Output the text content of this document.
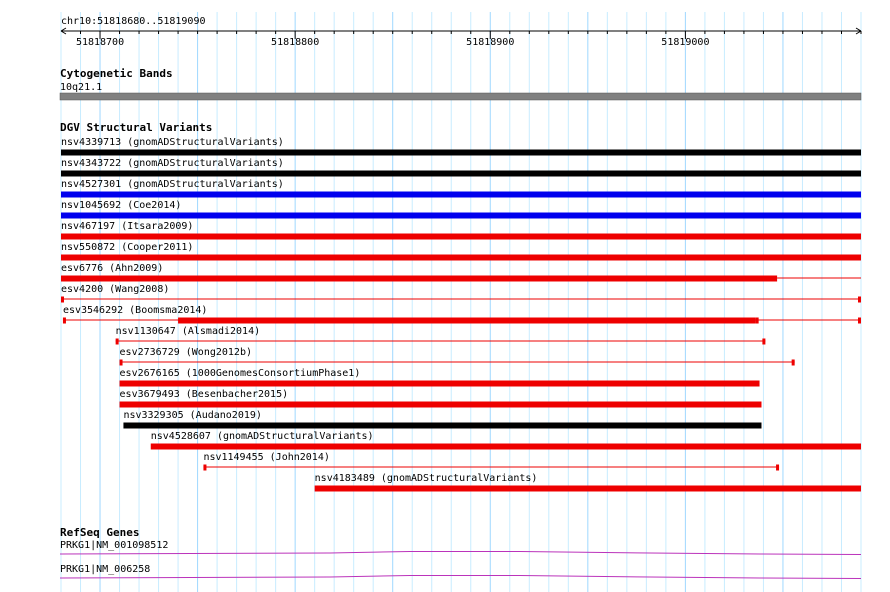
chr10:51818680..51819090
51818700	51818800	51818900	51819000
Cytogenetic Bands
10q21.1
DGV Structural Variants
nsv4339713 (gnomADStructuralVariants)
nsv4343722 (gnomADStructuralVariants)
nsv4527301 (gnomADStructuralVariants)
nsv1045692 (Coe2014)
nsv467197 (Itsara2009)
nsv550872 (Cooper2011)
esv6776 (Ahn2009)
esv4200 (Wang2008)
esv3546292 (Boomsma2014)
nsv1130647 (Alsmadi2014)
esv2736729 (Wong2012b)
esv2676165 (1000GenomesConsortiumPhase1)
esv3679493 (Besenbacher2015)
nsv3329305 (Audano2019)
nsv4528607 (gnomADStructuralVariants)
nsv1149455 (John2014)
nsv4183489 (gnomADStructuralVariants)
RefSeq Genes
PRKG1|NM_001098512
PRKG1|NM_006258
